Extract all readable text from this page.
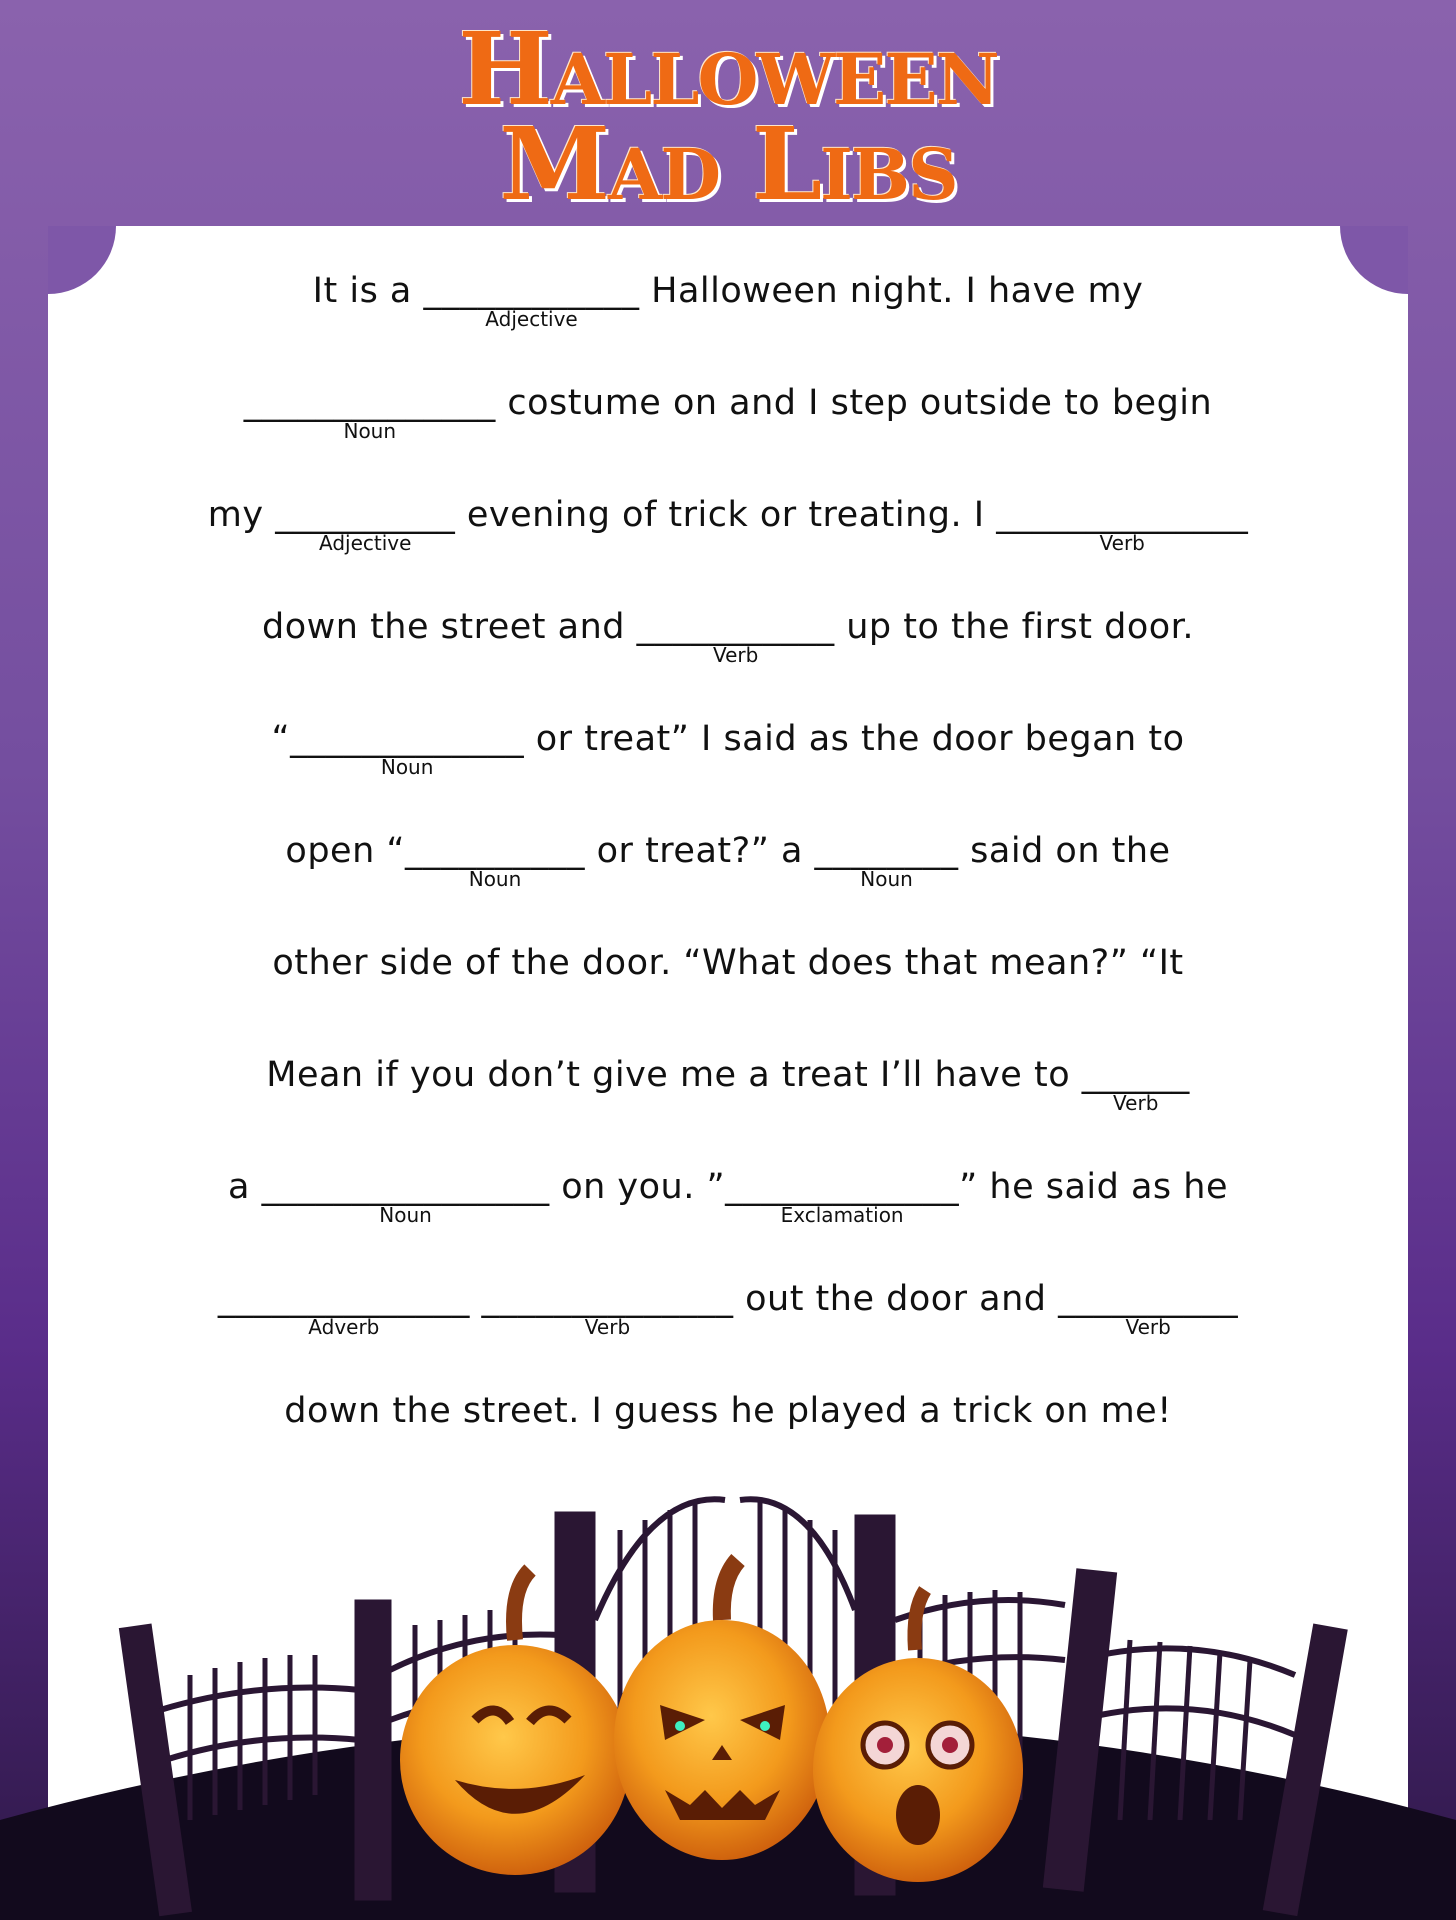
Halloween
Mad Libs
It is a ____________
Adjective
Halloween night. I have my
______________
Noun
costume on and I step outside to begin
my __________
Adjective
evening of trick or treating. I ______________
Verb
down the street and ___________
Verb
up to the first door.
“_____________
Noun
or treat” I said as the door began to
open “__________
Noun
or treat?” a ________
Noun
said on the
other side of the door. “What does that mean?” “It
Mean if you don’t give me a treat I’ll have to ______
Verb
a ________________
Noun
on you. ”_____________
Exclamation
” he said as he
______________
Adverb
______________
Verb
out the door and __________
Verb
down the street. I guess he played a trick on me!
